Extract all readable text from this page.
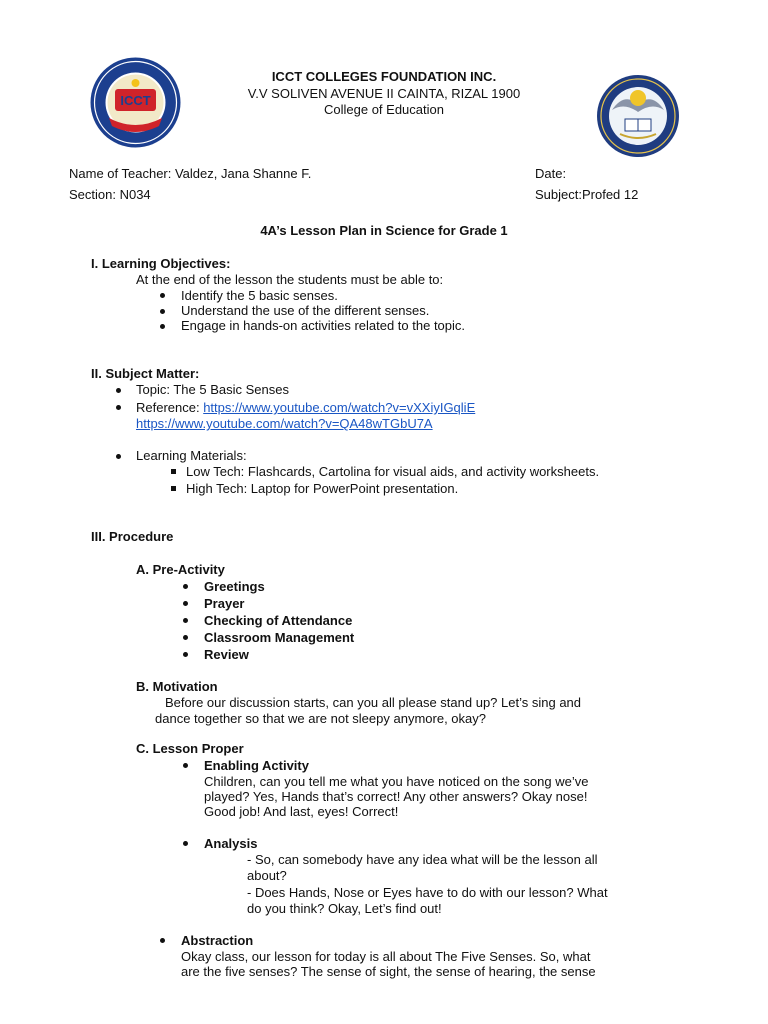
ICCT
ICCT COLLEGES FOUNDATION INC.
V.V SOLIVEN AVENUE II CAINTA, RIZAL 1900
College of Education
Name of Teacher: Valdez, Jana Shanne F.	Date:
Section: N034	Subject:Profed 12
4A’s Lesson Plan in Science for Grade 1
I. Learning Objectives:
At the end of the lesson the students must be able to:
Identify the 5 basic senses.
Understand the use of the different senses.
Engage in hands-on activities related to the topic.
II. Subject Matter:
Topic: The 5 Basic Senses
Reference: https://www.youtube.com/watch?v=vXXiyIGqliE
https://www.youtube.com/watch?v=QA48wTGbU7A
Learning Materials:
Low Tech: Flashcards, Cartolina for visual aids, and activity worksheets.
High Tech: Laptop for PowerPoint presentation.
III. Procedure
A. Pre-Activity
Greetings
Prayer
Checking of Attendance
Classroom Management
Review
B. Motivation
Before our discussion starts, can you all please stand up? Let’s sing and
dance together so that we are not sleepy anymore, okay?
C. Lesson Proper
Enabling Activity
Children, can you tell me what you have noticed on the song we’ve
played? Yes, Hands that’s correct! Any other answers? Okay nose!
Good job! And last, eyes! Correct!
Analysis
- So, can somebody have any idea what will be the lesson all
about?
- Does Hands, Nose or Eyes have to do with our lesson? What
do you think? Okay, Let’s find out!
Abstraction
Okay class, our lesson for today is all about The Five Senses. So, what
are the five senses? The sense of sight, the sense of hearing, the sense
